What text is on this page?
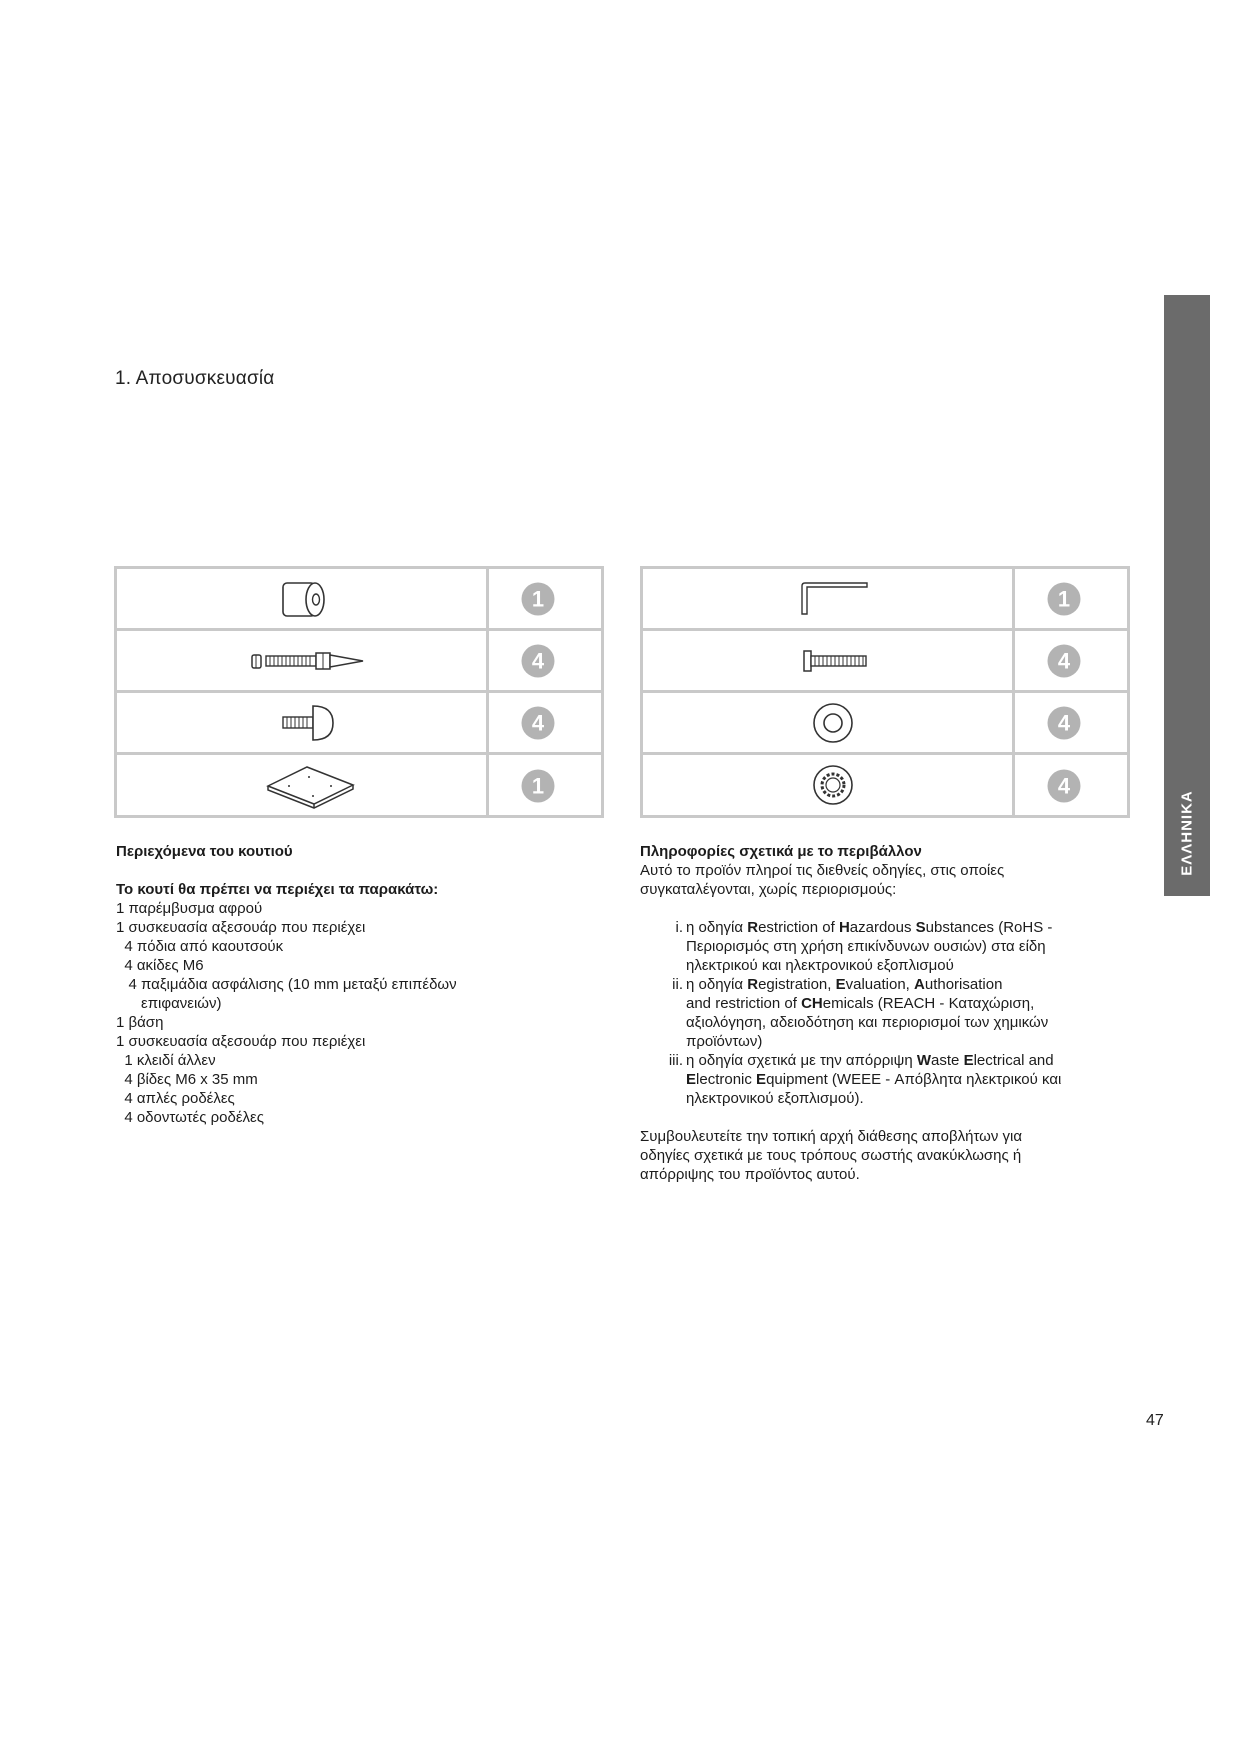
1. Αποσυσκευασία
ΕΛΛΗΝΙΚΑ
1
4
4
1
1
4
4
4
Περιεχόμενα του κουτιού
Το κουτί θα πρέπει να περιέχει τα παρακάτω:
1 παρέμβυσμα αφρού
1 συσκευασία αξεσουάρ που περιέχει
4 πόδια από καουτσούκ
4 ακίδες M6
4 παξιμάδια ασφάλισης (10 mm μεταξύ επιπέδων
επιφανειών)
1 βάση
1 συσκευασία αξεσουάρ που περιέχει
1 κλειδί άλλεν
4 βίδες M6 x 35 mm
4 απλές ροδέλες
4 οδοντωτές ροδέλες
Πληροφορίες σχετικά με το περιβάλλον
Αυτό το προϊόν πληροί τις διεθνείς οδηγίες, στις οποίες
συγκαταλέγονται, χωρίς περιορισμούς:
i. η οδηγία Restriction of Hazardous Substances (RoHS -
Περιορισμός στη χρήση επικίνδυνων ουσιών) στα είδη
ηλεκτρικού και ηλεκτρονικού εξοπλισμού
ii. η οδηγία Registration, Evaluation, Authorisation
and restriction of CHemicals (REACH - Καταχώριση,
αξιολόγηση, αδειοδότηση και περιορισμοί των χημικών
προϊόντων)
iii. η οδηγία σχετικά με την απόρριψη Waste Electrical and
Electronic Equipment (WEEE - Απόβλητα ηλεκτρικού και
ηλεκτρονικού εξοπλισμού).
Συμβουλευτείτε την τοπική αρχή διάθεσης αποβλήτων για
οδηγίες σχετικά με τους τρόπους σωστής ανακύκλωσης ή
απόρριψης του προϊόντος αυτού.
47
